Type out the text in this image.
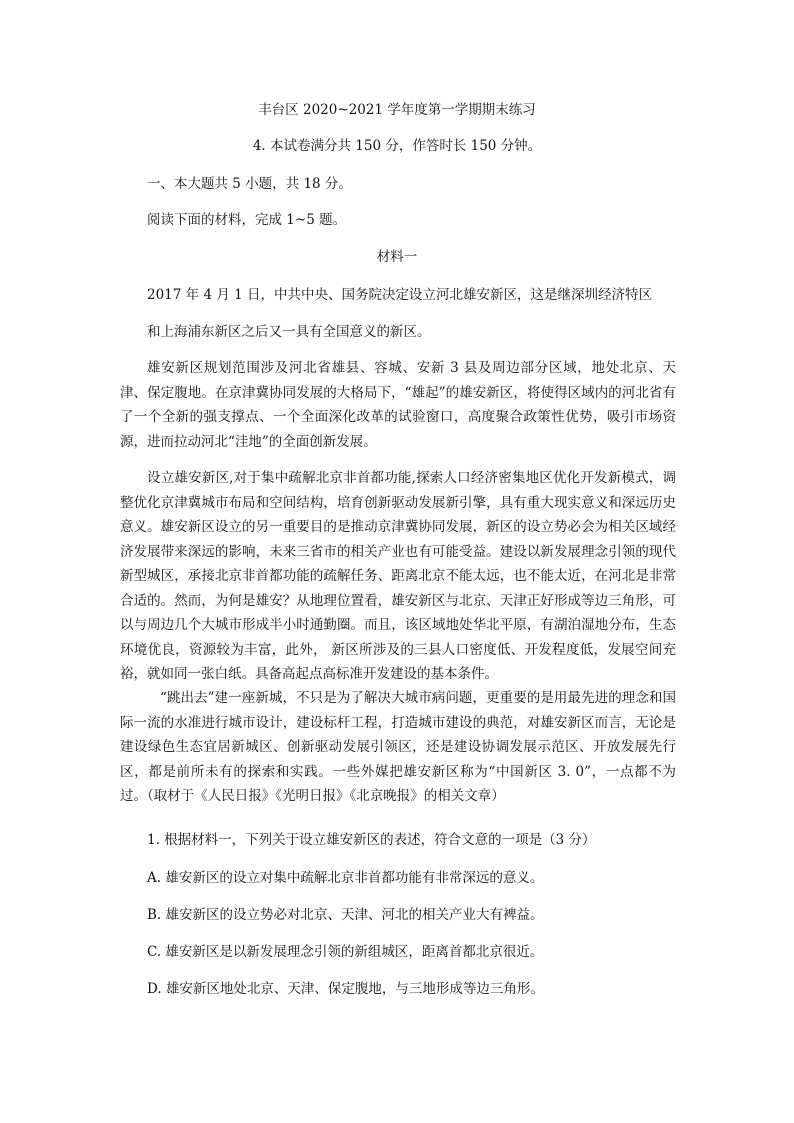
丰台区 2020~2021 学年度第一学期期末练习
4. 本试卷满分共 150 分，作答时长 150 分钟。
一、本大题共 5 小题，共 18 分。
阅读下面的材料，完成 1~5 题。
材料一
2017 年 4 月 1 日，中共中央、国务院决定设立河北雄安新区，这是继深圳经济特区
和上海浦东新区之后又一具有全国意义的新区。
雄安新区规划范围涉及河北省雄县、容城、安新 3 县及周边部分区域，地处北京、天津、保定腹地。在京津冀协同发展的大格局下，“雄起”的雄安新区，将使得区域内的河北省有了一个全新的强支撑点、一个全面深化改革的试验窗口，高度聚合政策性优势，吸引市场资源，进而拉动河北“洼地”的全面创新发展。
设立雄安新区,对于集中疏解北京非首都功能,探索人口经济密集地区优化开发新模式，调整优化京津冀城市布局和空间结构，培育创新驱动发展新引擎，具有重大现实意义和深远历史意义。雄安新区设立的另一重要目的是推动京津冀协同发展，新区的设立势必会为相关区域经济发展带来深远的影响，未来三省市的相关产业也有可能受益。建设以新发展理念引领的现代新型城区，承接北京非首都功能的疏解任务、距离北京不能太远，也不能太近，在河北是非常合适的。然而，为何是雄安？从地理位置看，雄安新区与北京、天津正好形成等边三角形，可以与周边几个大城市形成半小时通勤圈。而且，该区域地处华北平原，有湖泊湿地分布，生态环境优良，资源较为丰富，此外， 新区所涉及的三县人口密度低、开发程度低，发展空间充裕，就如同一张白纸。具备高起点高标准开发建设的基本条件。
“跳出去”建一座新城，不只是为了解决大城市病问题，更重要的是用最先进的理念和国际一流的水准进行城市设计，建设标杆工程，打造城市建设的典范，对雄安新区而言，无论是建设绿色生态宜居新城区、创新驱动发展引领区，还是建设协调发展示范区、开放发展先行区，都是前所未有的探索和实践。一些外媒把雄安新区称为“中国新区 3. 0”，一点都不为过。（取材于《人民日报》《光明日报》《北京晚报》的相关文章）
1. 根据材料一，下列关于设立雄安新区的表述，符合文意的一项是（3 分）
A. 雄安新区的设立对集中疏解北京非首都功能有非常深远的意义。
B. 雄安新区的设立势必对北京、天津、河北的相关产业大有裨益。
C. 雄安新区是以新发展理念引领的新组城区，距离首都北京很近。
D. 雄安新区地处北京、天津、保定腹地，与三地形成等边三角形。
